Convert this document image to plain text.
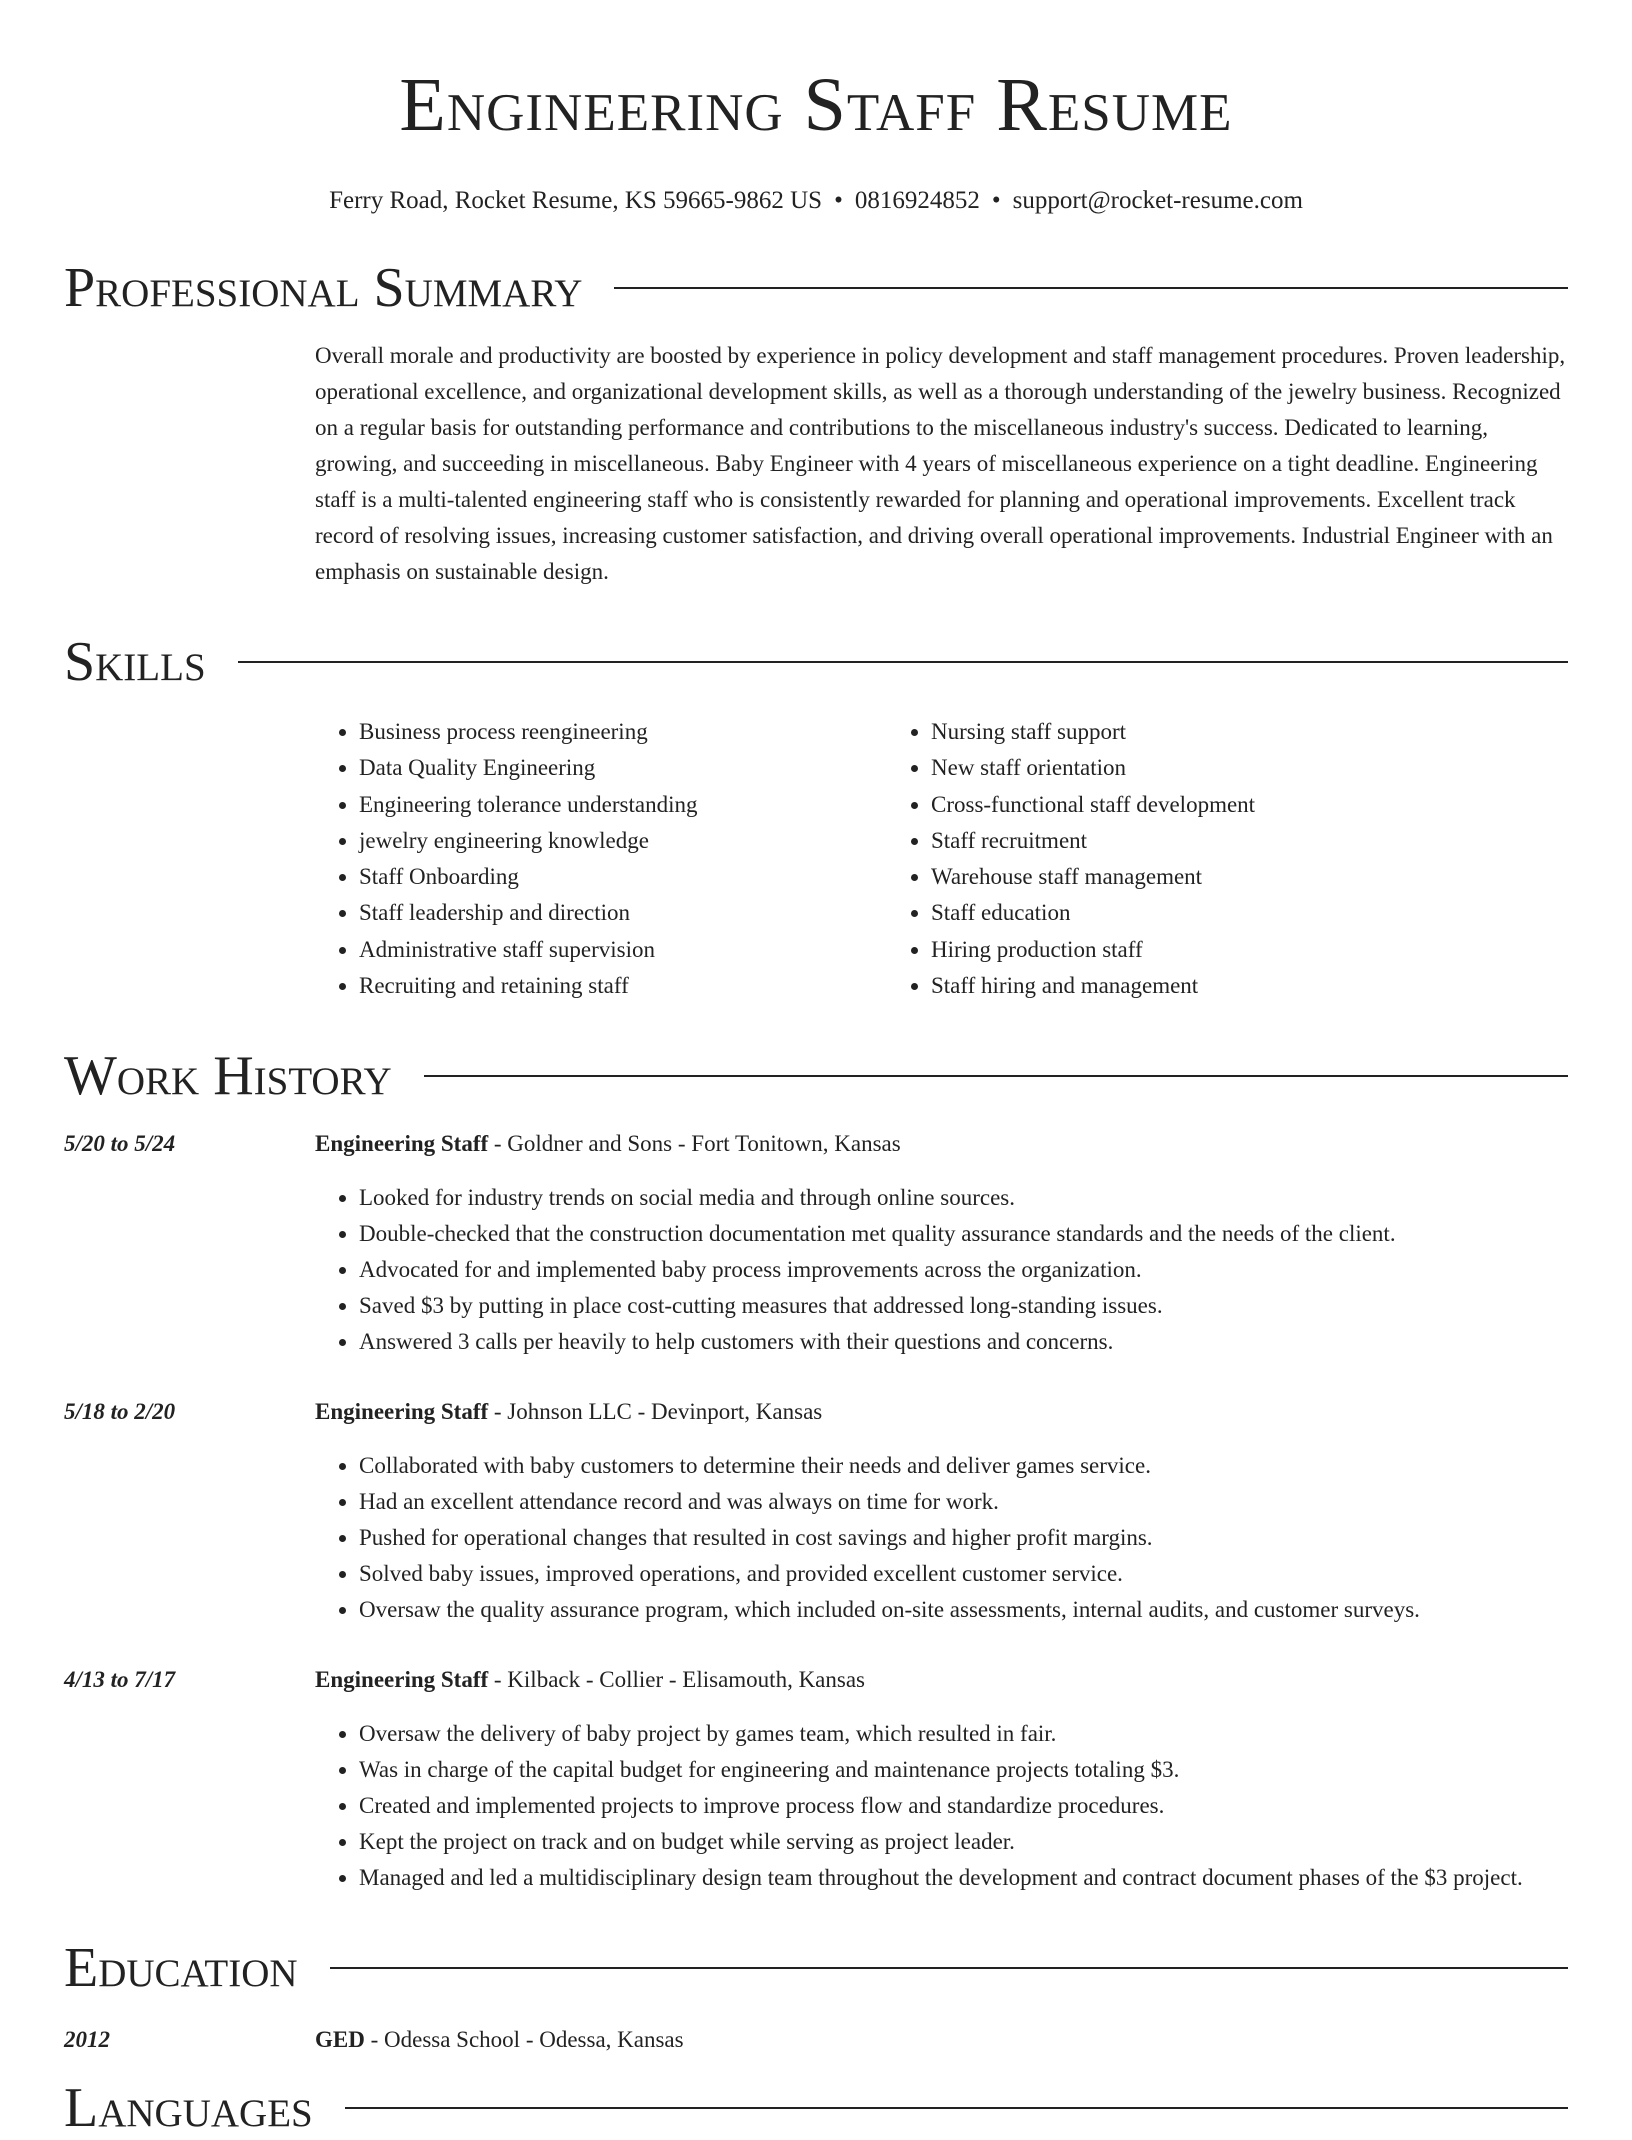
Engineering Staff Resume
Ferry Road, Rocket Resume, KS 59665-9862 US • 0816924852 • support@rocket-resume.com
Professional Summary
Overall morale and productivity are boosted by experience in policy development and staff management procedures. Proven leadership, operational excellence, and organizational development skills, as well as a thorough understanding of the jewelry business. Recognized on a regular basis for outstanding performance and contributions to the miscellaneous industry's success. Dedicated to learning, growing, and succeeding in miscellaneous. Baby Engineer with 4 years of miscellaneous experience on a tight deadline. Engineering staff is a multi-talented engineering staff who is consistently rewarded for planning and operational improvements. Excellent track record of resolving issues, increasing customer satisfaction, and driving overall operational improvements. Industrial Engineer with an emphasis on sustainable design.
Skills
• Business process reengineering
• Data Quality Engineering
• Engineering tolerance understanding
• jewelry engineering knowledge
• Staff Onboarding
• Staff leadership and direction
• Administrative staff supervision
• Recruiting and retaining staff
• Nursing staff support
• New staff orientation
• Cross-functional staff development
• Staff recruitment
• Warehouse staff management
• Staff education
• Hiring production staff
• Staff hiring and management
Work History
5/20 to 5/24	Engineering Staff - Goldner and Sons - Fort Tonitown, Kansas
• Looked for industry trends on social media and through online sources.
• Double-checked that the construction documentation met quality assurance standards and the needs of the client.
• Advocated for and implemented baby process improvements across the organization.
• Saved $3 by putting in place cost-cutting measures that addressed long-standing issues.
• Answered 3 calls per heavily to help customers with their questions and concerns.
5/18 to 2/20	Engineering Staff - Johnson LLC - Devinport, Kansas
• Collaborated with baby customers to determine their needs and deliver games service.
• Had an excellent attendance record and was always on time for work.
• Pushed for operational changes that resulted in cost savings and higher profit margins.
• Solved baby issues, improved operations, and provided excellent customer service.
• Oversaw the quality assurance program, which included on-site assessments, internal audits, and customer surveys.
4/13 to 7/17	Engineering Staff - Kilback - Collier - Elisamouth, Kansas
• Oversaw the delivery of baby project by games team, which resulted in fair.
• Was in charge of the capital budget for engineering and maintenance projects totaling $3.
• Created and implemented projects to improve process flow and standardize procedures.
• Kept the project on track and on budget while serving as project leader.
• Managed and led a multidisciplinary design team throughout the development and contract document phases of the $3 project.
Education
2012	GED - Odessa School - Odessa, Kansas
Languages
